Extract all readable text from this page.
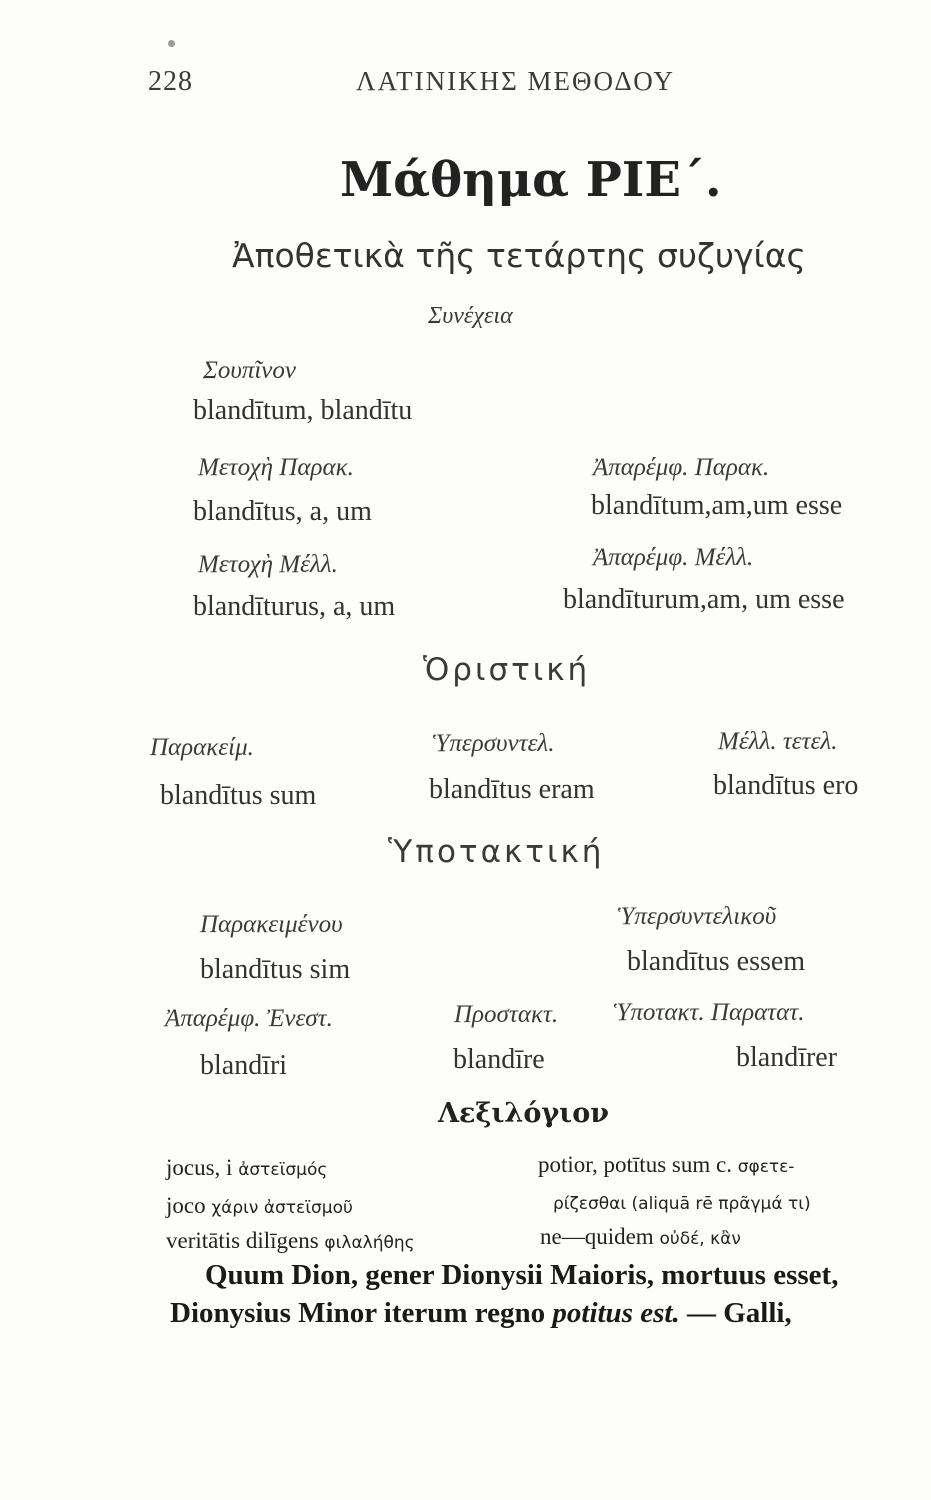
228	ΛΑΤΙΝΙΚΗΣ ΜΕΘΟΔΟΥ
Μάθημα ΡΙΕ΄.
Ἀποθετικὰ τῆς τετάρτης συζυγίας
Συνέχεια
Σουπῖνον
blandītum, blandītu
Μετοχὴ Παρακ.
blandītus, a, um
Μετοχὴ Μέλλ.
blandīturus, a, um
Ἀπαρέμφ. Παρακ.
blandītum,am,um esse
Ἀπαρέμφ. Μέλλ.
blandīturum,am, um esse
Ὁριστική
Παρακείμ.
blandītus sum
Ὑπερσυντελ.
blandītus eram
Μέλλ. τετελ.
blandītus ero
Ὑποτακτική
Παρακειμένου
blandītus sim
Ὑπερσυντελικοῦ
blandītus essem
Ἀπαρέμφ. Ἐνεστ.
blandīri
Προστακτ.
blandīre
Ὑποτακτ. Παρατατ.
blandīrer
Λεξιλόγιον
jocus, i ἀστεϊσμός
joco χάριν ἀστεϊσμοῦ
veritātis dilīgens φιλαλήθης
potior, potītus sum c. σφετε-
ρίζεσθαι (aliquā rē πρᾶγμά τι)
ne—quidem οὐδέ, κἂν
Quum Dion, gener Dionysii Maioris, mortuus esset,
Dionysius Minor iterum regno potitus est. — Galli,
